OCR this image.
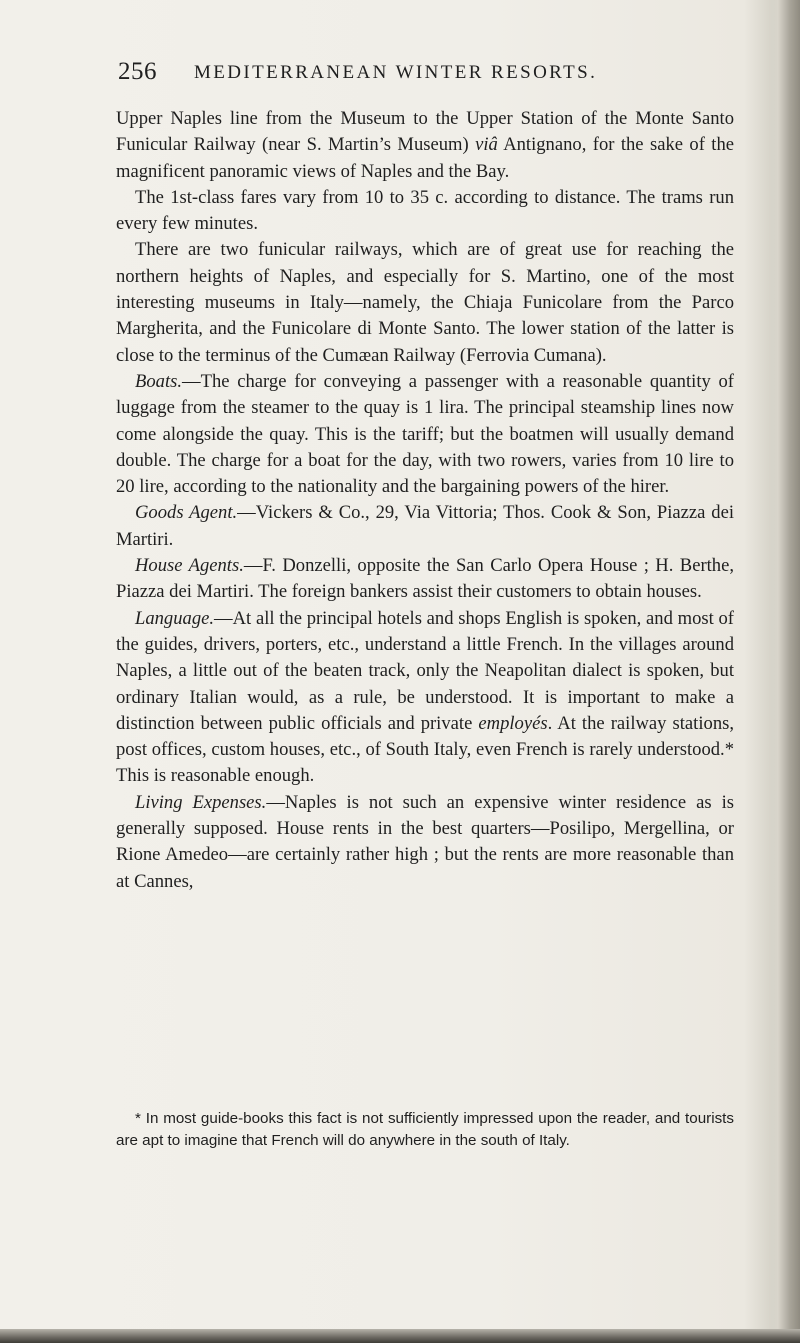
256 MEDITERRANEAN WINTER RESORTS.

Upper Naples line from the Museum to the Upper Station of the Monte Santo Funicular Railway (near S. Martin’s Museum) viâ Antignano, for the sake of the magnificent panoramic views of Naples and the Bay.

The 1st-class fares vary from 10 to 35 c. according to distance. The trams run every few minutes.

There are two funicular railways, which are of great use for reaching the northern heights of Naples, and especially for S. Martino, one of the most interesting museums in Italy—namely, the Chiaja Funicolare from the Parco Margherita, and the Funicolare di Monte Santo. The lower station of the latter is close to the terminus of the Cumæan Railway (Ferrovia Cumana).

Boats.—The charge for conveying a passenger with a reasonable quantity of luggage from the steamer to the quay is 1 lira. The principal steamship lines now come alongside the quay. This is the tariff; but the boatmen will usually demand double. The charge for a boat for the day, with two rowers, varies from 10 lire to 20 lire, according to the nationality and the bargaining powers of the hirer.

Goods Agent.—Vickers & Co., 29, Via Vittoria; Thos. Cook & Son, Piazza dei Martiri.

House Agents.—F. Donzelli, opposite the San Carlo Opera House ; H. Berthe, Piazza dei Martiri. The foreign bankers assist their customers to obtain houses.

Language.—At all the principal hotels and shops English is spoken, and most of the guides, drivers, porters, etc., understand a little French. In the villages around Naples, a little out of the beaten track, only the Neapolitan dialect is spoken, but ordinary Italian would, as a rule, be understood. It is important to make a distinction between public officials and private employés. At the railway stations, post offices, custom houses, etc., of South Italy, even French is rarely understood.* This is reasonable enough.

Living Expenses.—Naples is not such an expensive winter residence as is generally supposed. House rents in the best quarters—Posilipo, Mergellina, or Rione Amedeo—are certainly rather high ; but the rents are more reasonable than at Cannes,

* In most guide-books this fact is not sufficiently impressed upon the reader, and tourists are apt to imagine that French will do anywhere in the south of Italy.
